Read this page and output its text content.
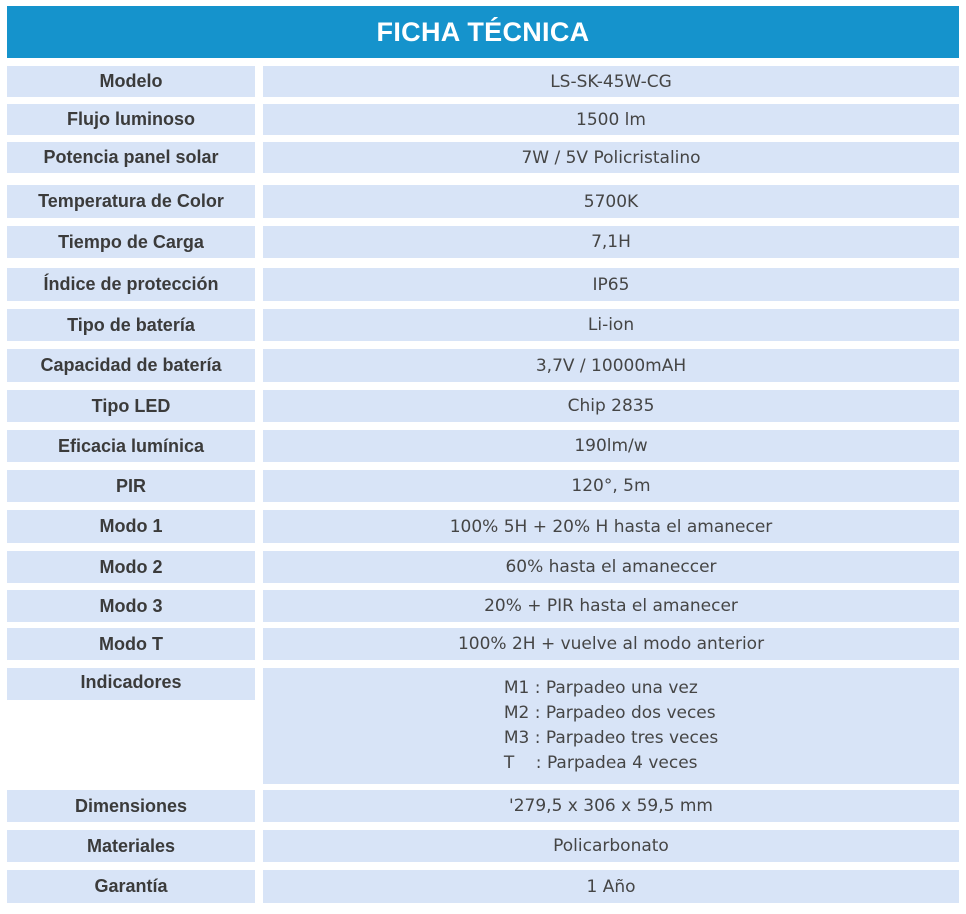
FICHA TÉCNICA
Modelo	LS-SK-45W-CG
Flujo luminoso	1500 lm
Potencia panel solar	7W / 5V Policristalino
Temperatura de Color	5700K
Tiempo de Carga	7,1H
Índice de protección	IP65
Tipo de batería	Li-ion
Capacidad de batería	3,7V / 10000mAH
Tipo LED	Chip 2835
Eficacia lumínica	190lm/w
PIR	120°, 5m
Modo 1	100% 5H + 20% H hasta el amanecer
Modo 2	60% hasta el amaneccer
Modo 3	20% + PIR hasta el amanecer
Modo T	100% 2H + vuelve al modo anterior
Indicadores	M1 : Parpadeo una vez
M2 : Parpadeo dos veces
M3 : Parpadeo tres veces
T    : Parpadea 4 veces
Dimensiones	'279,5 x 306 x 59,5 mm
Materiales	Policarbonato
Garantía	1 Año
